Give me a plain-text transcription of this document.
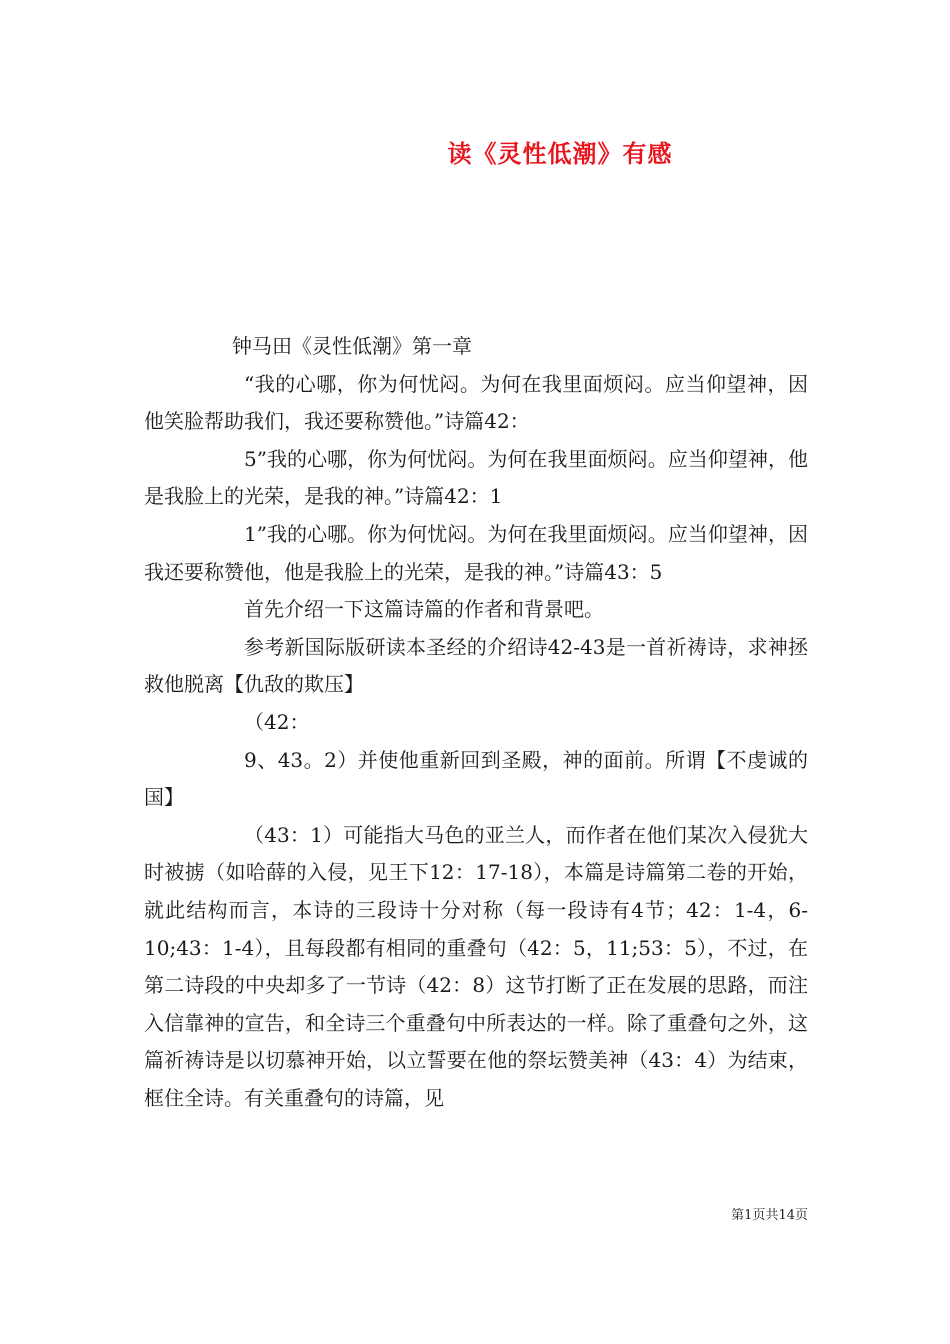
读《灵性低潮》有感

钟马田《灵性低潮》第一章

“我的心哪，你为何忧闷。为何在我里面烦闷。应当仰望神，因他笑脸帮助我们，我还要称赞他。”诗篇42：

5”我的心哪，你为何忧闷。为何在我里面烦闷。应当仰望神，他是我脸上的光荣，是我的神。”诗篇42：1

1”我的心哪。你为何忧闷。为何在我里面烦闷。应当仰望神，因我还要称赞他，他是我脸上的光荣，是我的神。”诗篇43：5

首先介绍一下这篇诗篇的作者和背景吧。

参考新国际版研读本圣经的介绍诗42-43是一首祈祷诗，求神拯救他脱离【仇敌的欺压】

（42：

9、43。2）并使他重新回到圣殿，神的面前。所谓【不虔诚的国】

（43：1）可能指大马色的亚兰人，而作者在他们某次入侵犹大时被掳（如哈薛的入侵，见王下12：17-18），本篇是诗篇第二卷的开始，就此结构而言，本诗的三段诗十分对称（每一段诗有4节；42：1-4，6-10;43：1-4），且每段都有相同的重叠句（42：5，11;53：5），不过，在第二诗段的中央却多了一节诗（42：8）这节打断了正在发展的思路，而注入信靠神的宣告，和全诗三个重叠句中所表达的一样。除了重叠句之外，这篇祈祷诗是以切慕神开始，以立誓要在他的祭坛赞美神（43：4）为结束，框住全诗。有关重叠句的诗篇，见

第1页共14页
